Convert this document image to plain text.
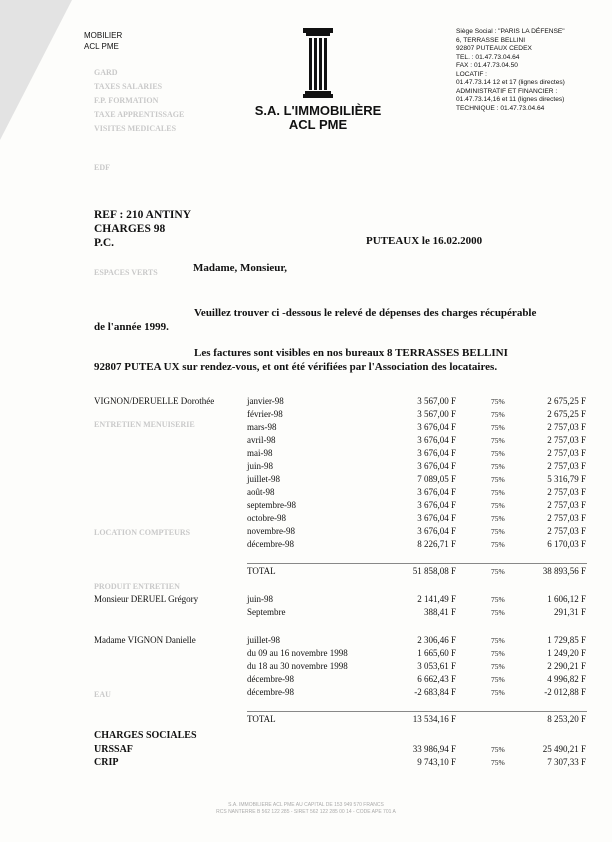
MOBILIER
ACL PME
S.A. L'IMMOBILIÈRE
ACL PME
Siège Social : "PARIS LA DÉFENSE"
6, TERRASSE BELLINI
92807 PUTEAUX CEDEX
TEL. : 01.47.73.04.64
FAX : 01.47.73.04.50
LOCATIF :
01.47.73.14 12 et 17 (lignes directes)
ADMINISTRATIF ET FINANCIER :
01.47.73.14,16 et 11 (lignes directes)
TECHNIQUE : 01.47.73.04.64
GARD
TAXES SALARIES
F.P. FORMATION
TAXE APPRENTISSAGE
VISITES MEDICALES
EDF
ESPACES VERTS
ENTRETIEN MENUISERIE
LOCATION COMPTEURS
PRODUIT ENTRETIEN
EAU
REF : 210 ANTINY
CHARGES 98
P.C.	PUTEAUX le 16.02.2000
Madame, Monsieur,
Veuillez trouver ci -dessous le relevé de dépenses des charges récupérable de l'année 1999.
Les factures sont visibles en nos bureaux 8 TERRASSES BELLINI 92807 PUTEA UX sur rendez-vous, et ont été vérifiées par l'Association des locataires.
VIGNON/DERUELLE Dorothée	janvier-98	3 567,00 F	75%	2 675,25 F
février-98	3 567,00 F	75%	2 675,25 F
mars-98	3 676,04 F	75%	2 757,03 F
avril-98	3 676,04 F	75%	2 757,03 F
mai-98	3 676,04 F	75%	2 757,03 F
juin-98	3 676,04 F	75%	2 757,03 F
juillet-98	7 089,05 F	75%	5 316,79 F
août-98	3 676,04 F	75%	2 757,03 F
septembre-98	3 676,04 F	75%	2 757,03 F
octobre-98	3 676,04 F	75%	2 757,03 F
novembre-98	3 676,04 F	75%	2 757,03 F
décembre-98	8 226,71 F	75%	6 170,03 F
TOTAL	51 858,08 F	75%	38 893,56 F
Monsieur DERUEL Grégory	juin-98	2 141,49 F	75%	1 606,12 F
Septembre	388,41 F	75%	291,31 F
Madame VIGNON Danielle	juillet-98	2 306,46 F	75%	1 729,85 F
du 09 au 16 novembre 1998	1 665,60 F	75%	1 249,20 F
du 18 au 30 novembre 1998	3 053,61 F	75%	2 290,21 F
décembre-98	6 662,43 F	75%	4 996,82 F
décembre-98	-2 683,84 F	75%	-2 012,88 F
TOTAL	13 534,16 F	8 253,20 F
CHARGES SOCIALES
URSSAF	33 986,94 F	75%	25 490,21 F
CRIP	9 743,10 F	75%	7 307,33 F
S.A. IMMOBILIERE ACL PME AU CAPITAL DE 153 949 570 FRANCS
RCS NANTERRE B 562 122 285 - SIRET 562 122 285 00 14 - CODE APE 701 A
